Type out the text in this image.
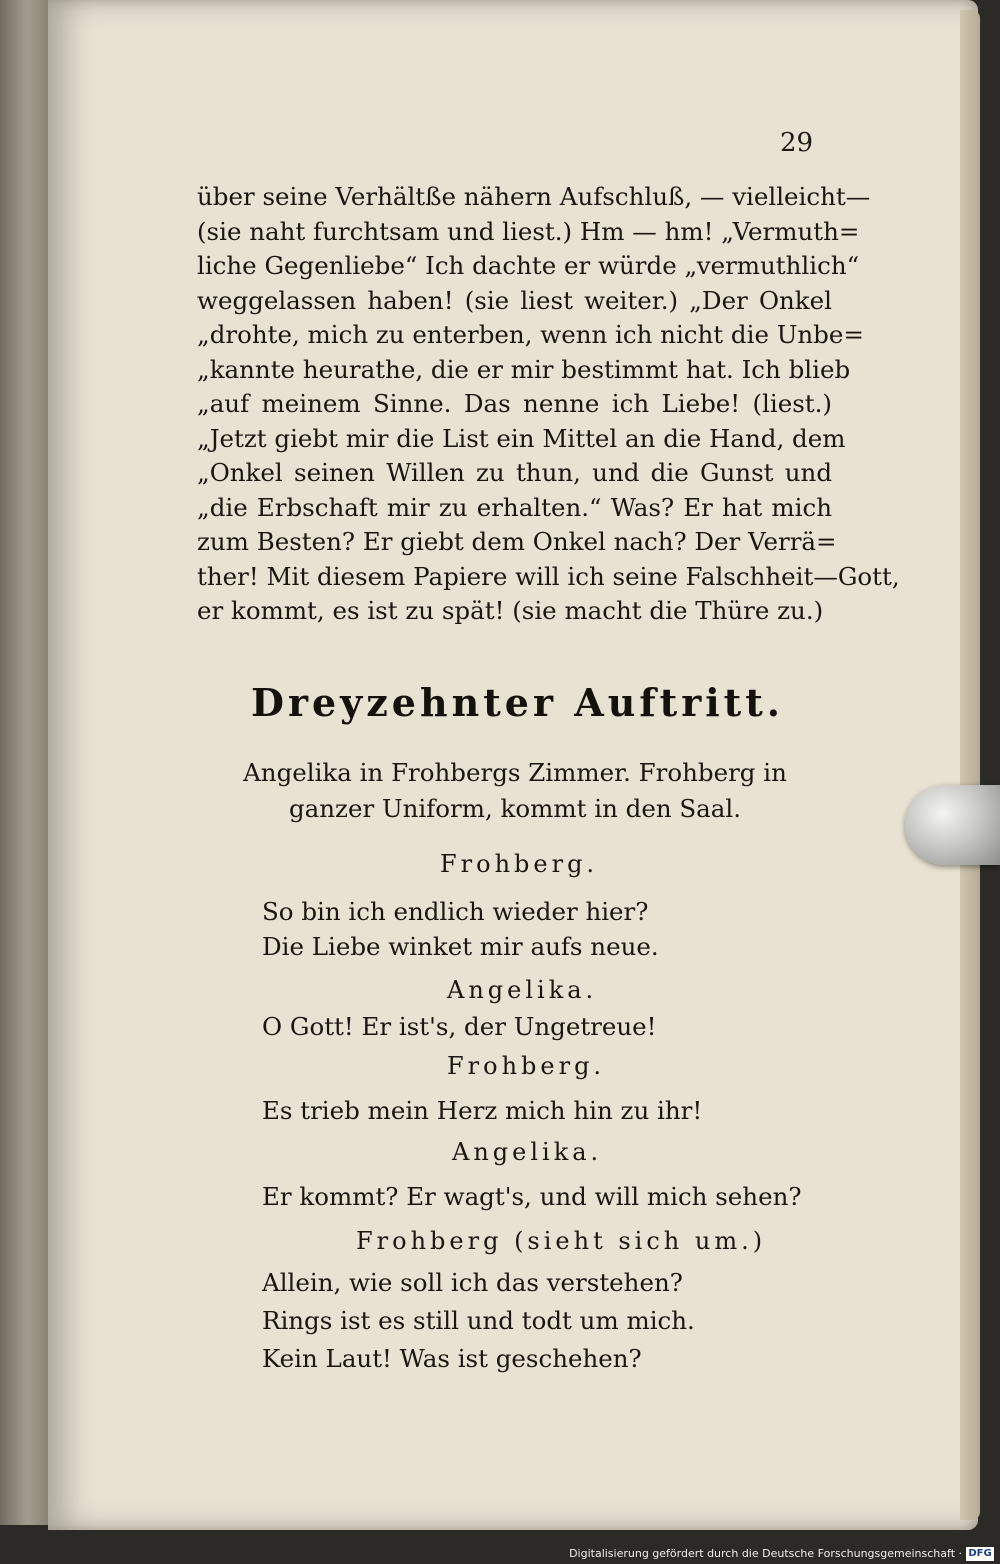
29
über seine Verhältße nähern Aufschluß, — vielleicht—
(sie naht furchtsam und liest.) Hm — hm! „Vermuth=
liche Gegenliebe“ Ich dachte er würde „vermuthlich“
weggelassen haben! (sie liest weiter.) „Der Onkel
„drohte, mich zu enterben, wenn ich nicht die Unbe=
„kannte heurathe, die er mir bestimmt hat. Ich blieb
„auf meinem Sinne. Das nenne ich Liebe! (liest.)
„Jetzt giebt mir die List ein Mittel an die Hand, dem
„Onkel seinen Willen zu thun, und die Gunst und
„die Erbschaft mir zu erhalten.“ Was? Er hat mich
zum Besten? Er giebt dem Onkel nach? Der Verrä=
ther! Mit diesem Papiere will ich seine Falschheit—Gott,
er kommt, es ist zu spät! (sie macht die Thüre zu.)
Dreyzehnter Auftritt.
Angelika in Frohbergs Zimmer. Frohberg in
ganzer Uniform, kommt in den Saal.
Frohberg.
So bin ich endlich wieder hier?
Die Liebe winket mir aufs neue.
Angelika.
O Gott! Er ist's, der Ungetreue!
Frohberg.
Es trieb mein Herz mich hin zu ihr!
Angelika.
Er kommt? Er wagt's, und will mich sehen?
Frohberg (sieht sich um.)
Allein, wie soll ich das verstehen?
Rings ist es still und todt um mich.
Kein Laut! Was ist geschehen?
Digitalisierung gefördert durch die Deutsche Forschungsgemeinschaft · DFG
